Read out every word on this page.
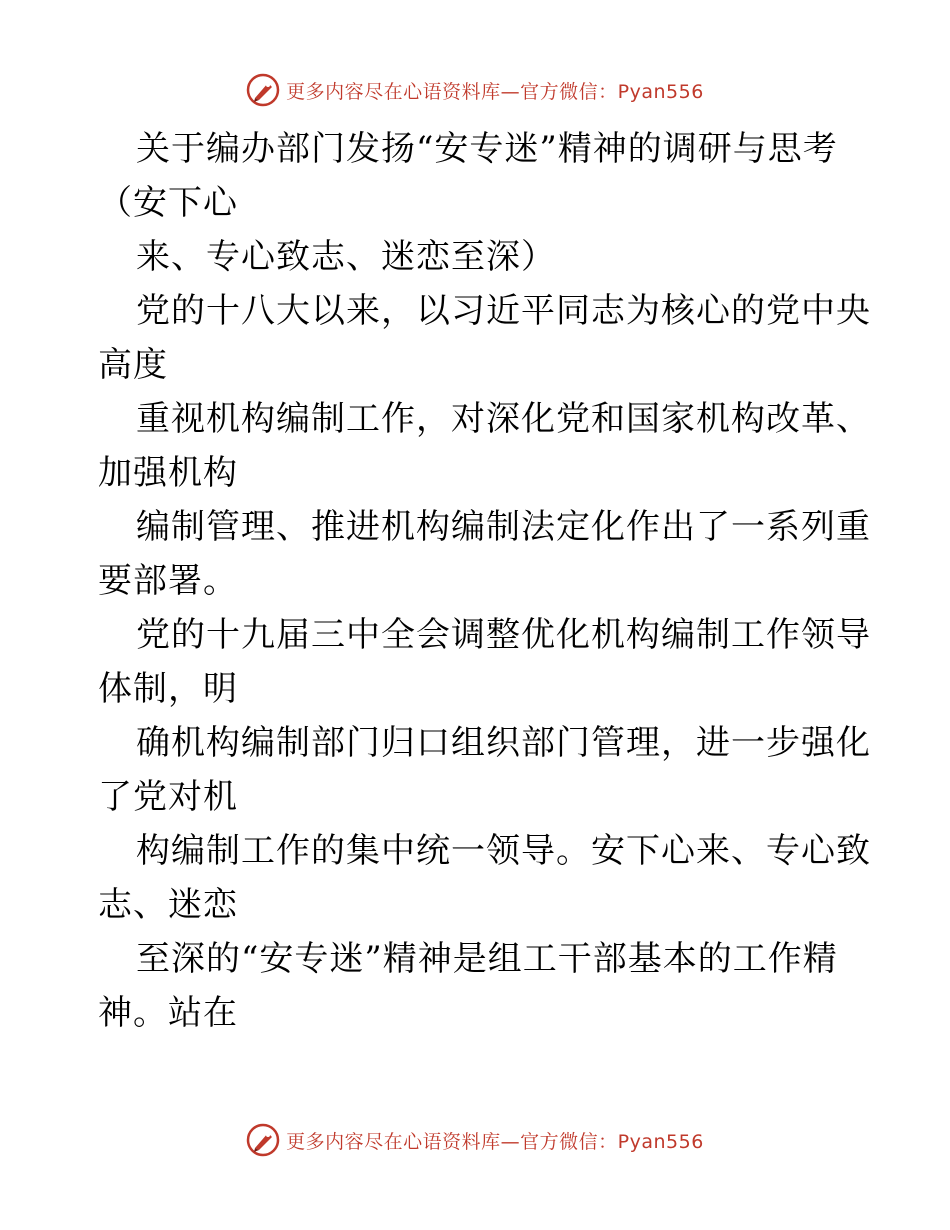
更多内容尽在心语资料库—官方微信：Pyan556
关于编办部门发扬“安专迷”精神的调研与思考
（安下心
来、专心致志、迷恋至深）
党的十八大以来，以习近平同志为核心的党中央
高度
重视机构编制工作，对深化党和国家机构改革、
加强机构
编制管理、推进机构编制法定化作出了一系列重
要部署。
党的十九届三中全会调整优化机构编制工作领导
体制，明
确机构编制部门归口组织部门管理，进一步强化
了党对机
构编制工作的集中统一领导。安下心来、专心致
志、迷恋
至深的“安专迷”精神是组工干部基本的工作精
神。站在
更多内容尽在心语资料库—官方微信：Pyan556
